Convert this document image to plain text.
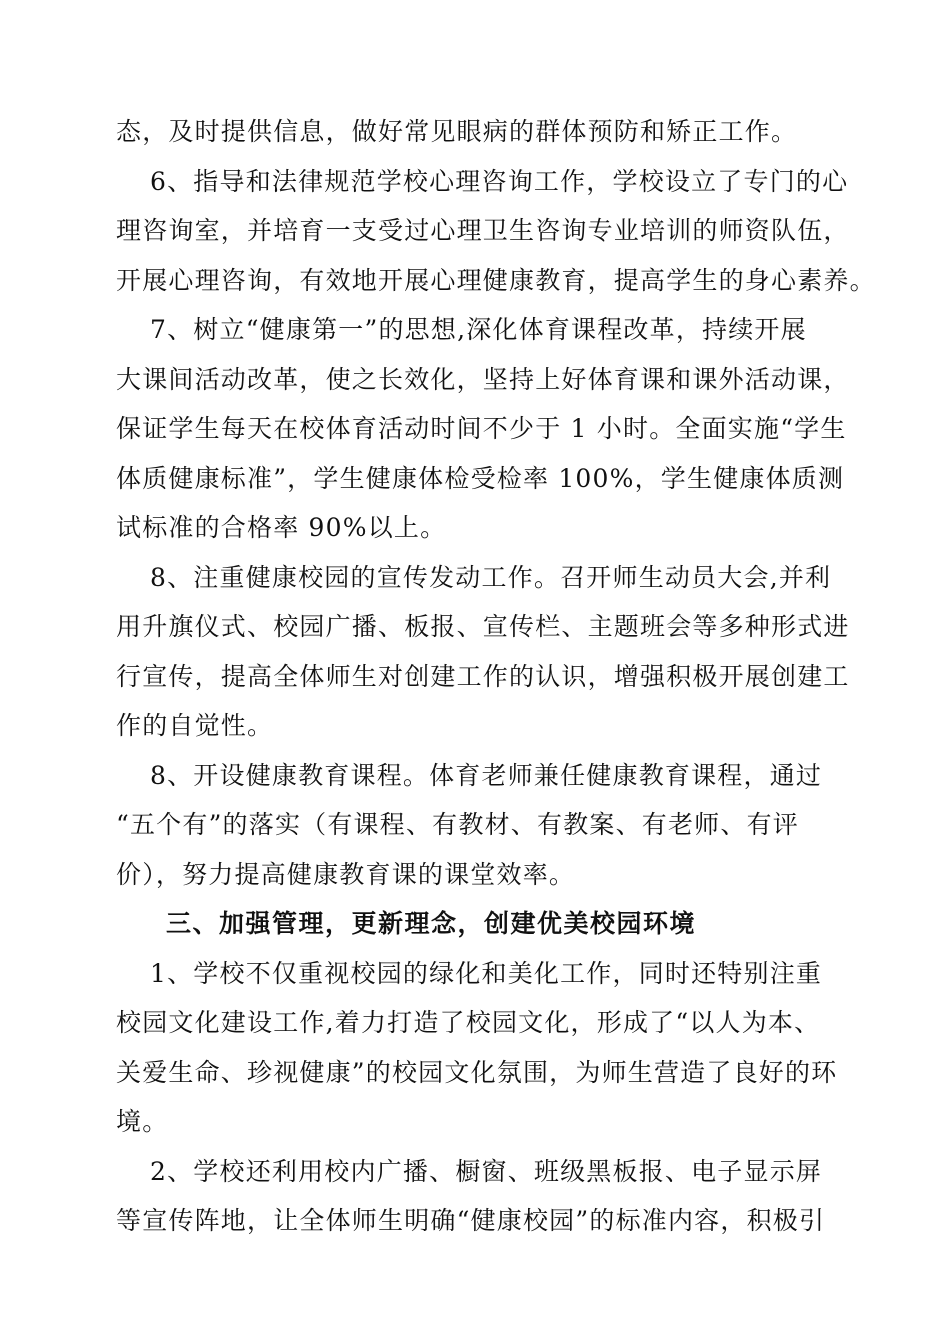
态，及时提供信息，做好常见眼病的群体预防和矫正工作。
6、指导和法律规范学校心理咨询工作，学校设立了专门的心
理咨询室，并培育一支受过心理卫生咨询专业培训的师资队伍，
开展心理咨询，有效地开展心理健康教育，提高学生的身心素养。
7、树立“健康第一”的思想,深化体育课程改革，持续开展
大课间活动改革，使之长效化，坚持上好体育课和课外活动课，
保证学生每天在校体育活动时间不少于 1 小时。全面实施“学生
体质健康标准”，学生健康体检受检率 100%，学生健康体质测
试标准的合格率 90%以上。
8、注重健康校园的宣传发动工作。召开师生动员大会,并利
用升旗仪式、校园广播、板报、宣传栏、主题班会等多种形式进
行宣传，提高全体师生对创建工作的认识，增强积极开展创建工
作的自觉性。
8、开设健康教育课程。体育老师兼任健康教育课程，通过
“五个有”的落实（有课程、有教材、有教案、有老师、有评
价），努力提高健康教育课的课堂效率。
三、加强管理，更新理念，创建优美校园环境
1、学校不仅重视校园的绿化和美化工作，同时还特别注重
校园文化建设工作,着力打造了校园文化，形成了“以人为本、
关爱生命、珍视健康”的校园文化氛围，为师生营造了良好的环
境。
2、学校还利用校内广播、橱窗、班级黑板报、电子显示屏
等宣传阵地，让全体师生明确“健康校园”的标准内容，积极引
